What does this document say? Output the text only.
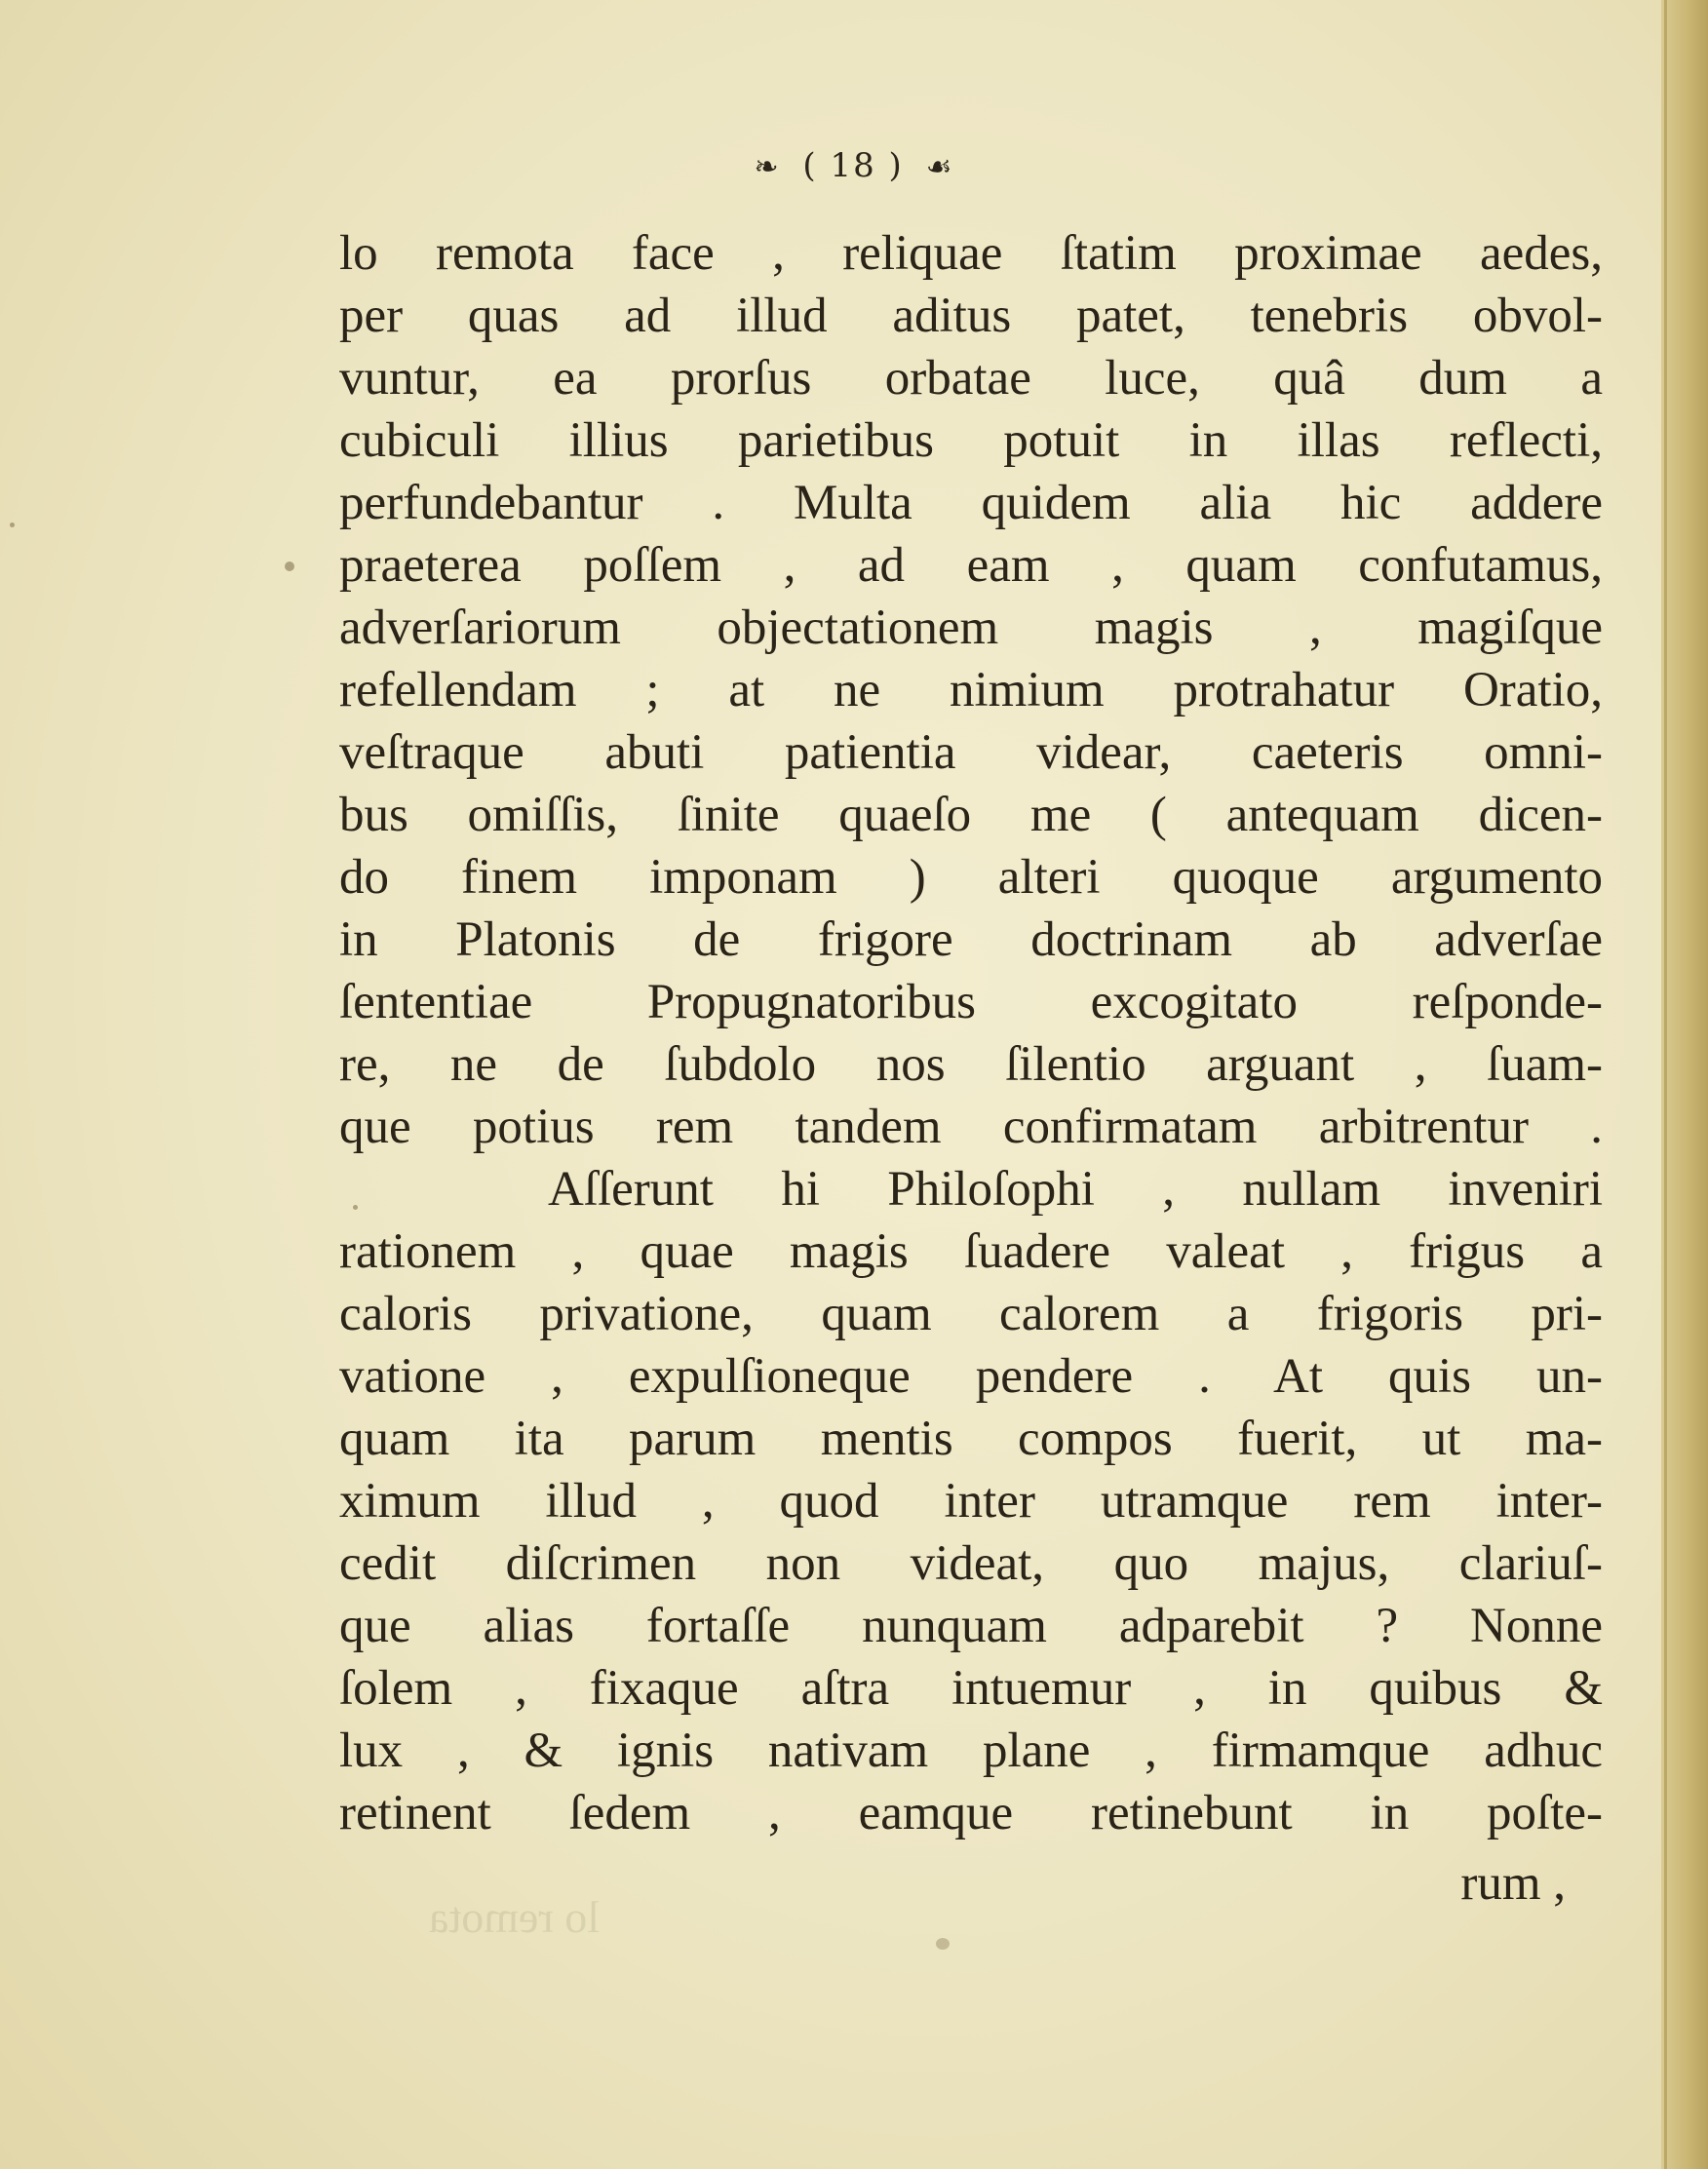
❧ ( 18 ) ☙
lo remota face , reliquae ſtatim proximae aedes,
per quas ad illud aditus patet, tenebris obvol-
vuntur, ea prorſus orbatae luce, quâ dum a
cubiculi illius parietibus potuit in illas reflecti,
perfundebantur . Multa quidem alia hic addere
praeterea poſſem , ad eam , quam confutamus,
adverſariorum objectationem magis , magiſque
refellendam ; at ne nimium protrahatur Oratio,
veſtraque abuti patientia videar, caeteris omni-
bus omiſſis, ſinite quaeſo me ( antequam dicen-
do finem imponam ) alteri quoque argumento
in Platonis de frigore doctrinam ab adverſae
ſententiae Propugnatoribus excogitato reſponde-
re, ne de ſubdolo nos ſilentio arguant , ſuam-
que potius rem tandem confirmatam arbitrentur .
Aſſerunt hi Philoſophi , nullam inveniri
rationem , quae magis ſuadere valeat , frigus a
caloris privatione, quam calorem a frigoris pri-
vatione , expulſioneque pendere . At quis un-
quam ita parum mentis compos fuerit, ut ma-
ximum illud , quod inter utramque rem inter-
cedit diſcrimen non videat, quo majus, clariuſ-
que alias fortaſſe nunquam adparebit ? Nonne
ſolem , fixaque aſtra intuemur , in quibus &
lux , & ignis nativam plane , firmamque adhuc
retinent ſedem , eamque retinebunt in poſte-
rum ,
lo remota
